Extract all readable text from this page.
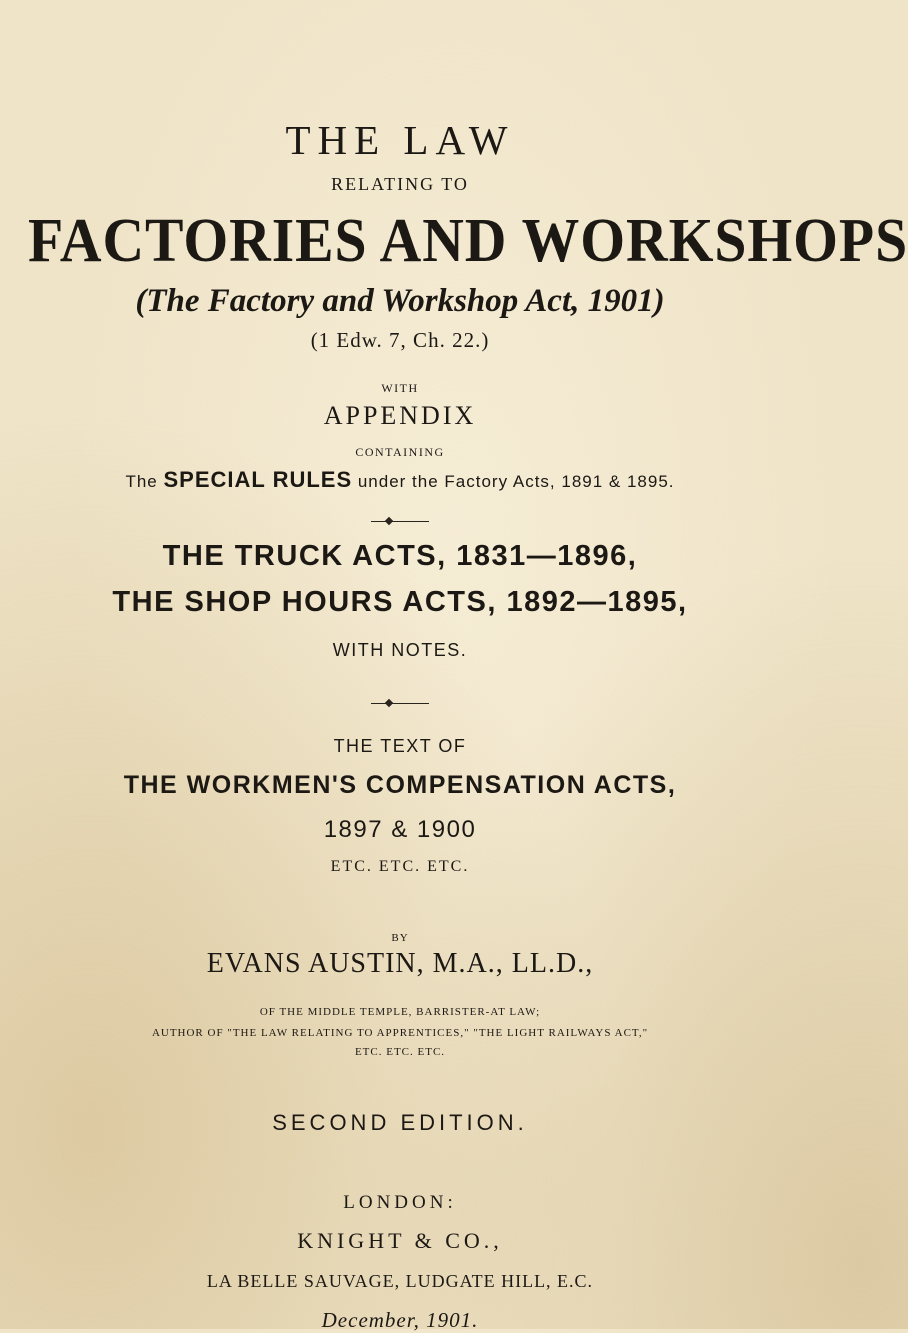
THE LAW
RELATING TO
FACTORIES AND WORKSHOPS
(The Factory and Workshop Act, 1901)
(1 Edw. 7, Ch. 22.)
WITH
APPENDIX
CONTAINING
The SPECIAL RULES under the Factory Acts, 1891 & 1895.
THE TRUCK ACTS, 1831—1896,
THE SHOP HOURS ACTS, 1892—1895,
WITH NOTES.
THE TEXT OF
THE WORKMEN'S COMPENSATION ACTS,
1897 & 1900
ETC. ETC. ETC.
BY
EVANS AUSTIN, M.A., LL.D.,
OF THE MIDDLE TEMPLE, BARRISTER-AT LAW;
AUTHOR OF "THE LAW RELATING TO APPRENTICES," "THE LIGHT RAILWAYS ACT,"
ETC. ETC. ETC.
SECOND EDITION.
LONDON:
KNIGHT & CO.,
LA BELLE SAUVAGE, LUDGATE HILL, E.C.
December, 1901.
